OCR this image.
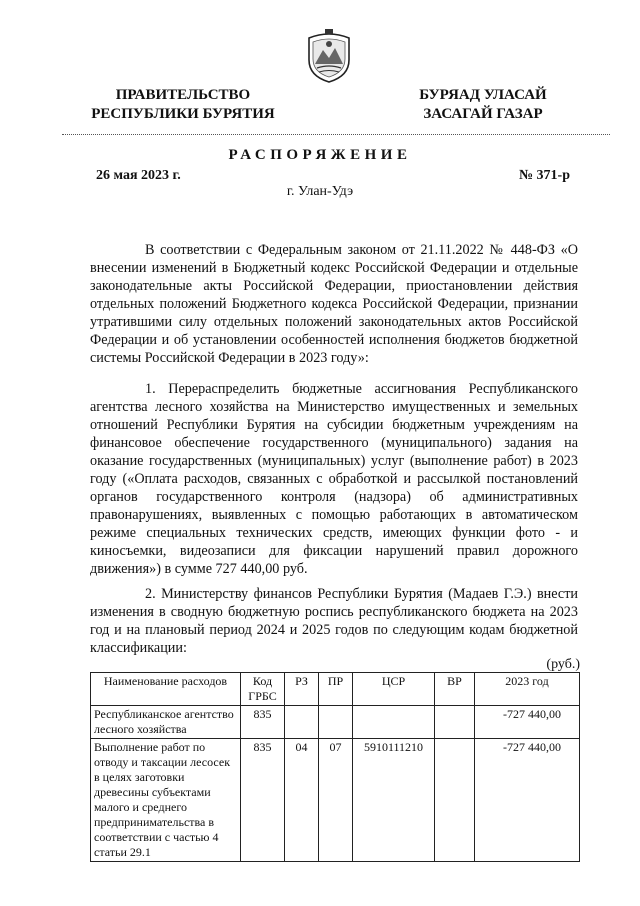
ПРАВИТЕЛЬСТВО
РЕСПУБЛИКИ БУРЯТИЯ
БУРЯАД УЛАСАЙ
ЗАСАГАЙ ГАЗАР
РАСПОРЯЖЕНИЕ
26 мая 2023 г.	№ 371-р
г. Улан-Удэ

В соответствии с Федеральным законом от 21.11.2022 № 448-ФЗ «О внесении изменений в Бюджетный кодекс Российской Федерации и отдельные законодательные акты Российской Федерации, приостановлении действия отдельных положений Бюджетного кодекса Российской Федерации, признании утратившими силу отдельных положений законодательных актов Российской Федерации и об установлении особенностей исполнения бюджетов бюджетной системы Российской Федерации в 2023 году»:

1. Перераспределить бюджетные ассигнования Республиканского агентства лесного хозяйства на Министерство имущественных и земельных отношений Республики Бурятия на субсидии бюджетным учреждениям на финансовое обеспечение государственного (муниципального) задания на оказание государственных (муниципальных) услуг (выполнение работ) в 2023 году («Оплата расходов, связанных с обработкой и рассылкой постановлений органов государственного контроля (надзора) об административных правонарушениях, выявленных с помощью работающих в автоматическом режиме специальных технических средств, имеющих функции фото - и киносъемки, видеозаписи для фиксации нарушений правил дорожного движения») в сумме 727 440,00 руб.

2. Министерству финансов Республики Бурятия (Мадаев Г.Э.) внести изменения в сводную бюджетную роспись республиканского бюджета на 2023 год и на плановый период 2024 и 2025 годов по следующим кодам бюджетной классификации:

(руб.)
Наименование расходов	Код ГРБС	РЗ	ПР	ЦСР	ВР	2023 год
Республиканское агентство лесного хозяйства	835					-727 440,00
Выполнение работ по отводу и таксации лесосек в целях заготовки древесины субъектами малого и среднего предпринимательства в соответствии с частью 4 статьи 29.1	835	04	07	5910111210		-727 440,00
